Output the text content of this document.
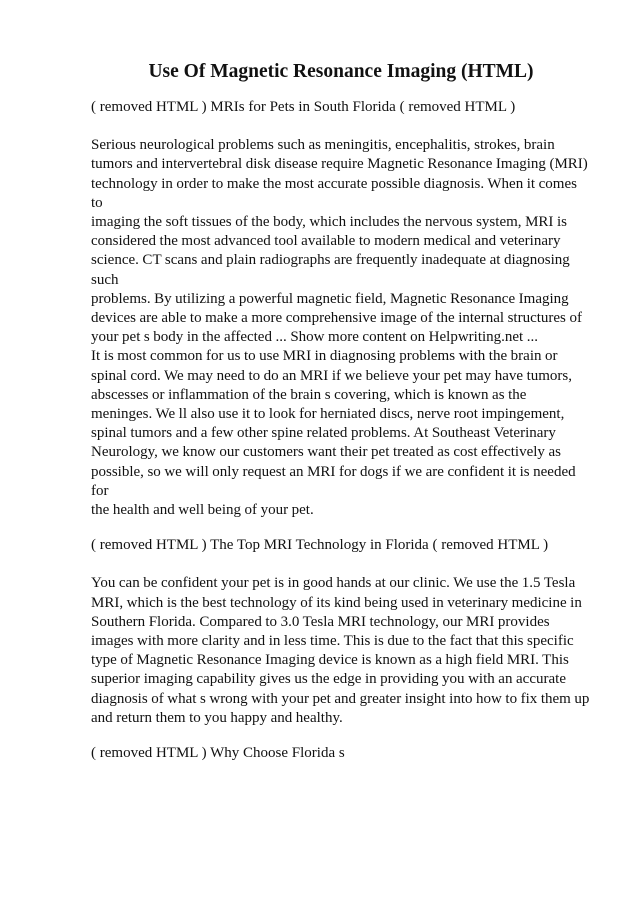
Use Of Magnetic Resonance Imaging (HTML)

( removed HTML ) MRIs for Pets in South Florida ( removed HTML )

Serious neurological problems such as meningitis, encephalitis, strokes, brain
tumors and intervertebral disk disease require Magnetic Resonance Imaging (MRI)
technology in order to make the most accurate possible diagnosis. When it comes to
imaging the soft tissues of the body, which includes the nervous system, MRI is
considered the most advanced tool available to modern medical and veterinary
science. CT scans and plain radiographs are frequently inadequate at diagnosing such
problems. By utilizing a powerful magnetic field, Magnetic Resonance Imaging
devices are able to make a more comprehensive image of the internal structures of
your pet s body in the affected ... Show more content on Helpwriting.net ...
It is most common for us to use MRI in diagnosing problems with the brain or
spinal cord. We may need to do an MRI if we believe your pet may have tumors,
abscesses or inflammation of the brain s covering, which is known as the
meninges. We ll also use it to look for herniated discs, nerve root impingement,
spinal tumors and a few other spine related problems. At Southeast Veterinary
Neurology, we know our customers want their pet treated as cost effectively as
possible, so we will only request an MRI for dogs if we are confident it is needed for
the health and well being of your pet.

( removed HTML ) The Top MRI Technology in Florida ( removed HTML )

You can be confident your pet is in good hands at our clinic. We use the 1.5 Tesla
MRI, which is the best technology of its kind being used in veterinary medicine in
Southern Florida. Compared to 3.0 Tesla MRI technology, our MRI provides
images with more clarity and in less time. This is due to the fact that this specific
type of Magnetic Resonance Imaging device is known as a high field MRI. This
superior imaging capability gives us the edge in providing you with an accurate
diagnosis of what s wrong with your pet and greater insight into how to fix them up
and return them to you happy and healthy.

( removed HTML ) Why Choose Florida s
